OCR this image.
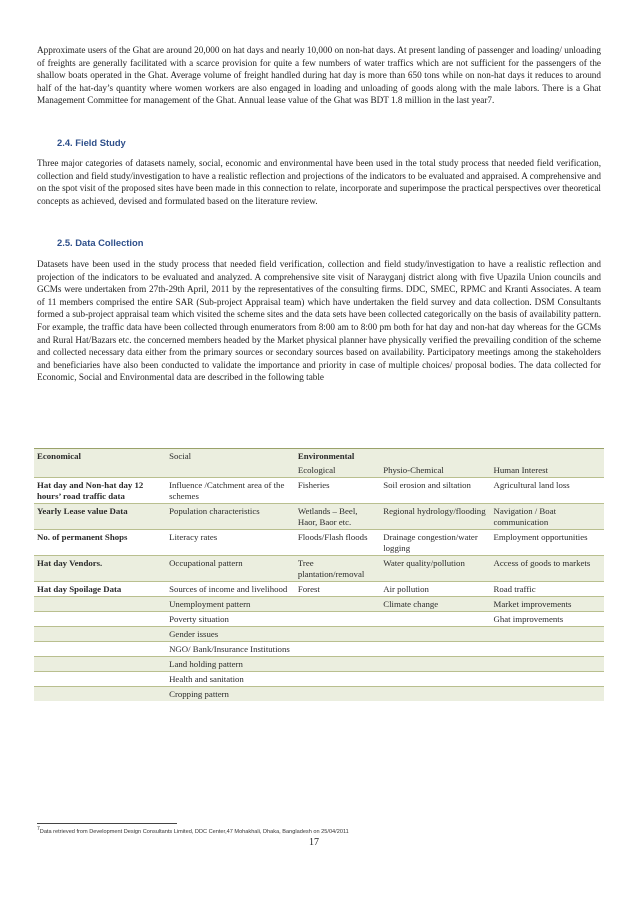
Approximate users of the Ghat are around 20,000 on hat days and nearly 10,000 on non-hat days. At present landing of passenger and loading/ unloading of freights are generally facilitated with a scarce provision for quite a few numbers of water traffics which are not sufficient for the passengers of the shallow boats operated in the Ghat. Average volume of freight handled during hat day is more than 650 tons while on non-hat days it reduces to around half of the hat-day’s quantity where women workers are also engaged in loading and unloading of goods along with the male labors. There is a Ghat Management Committee for management of the Ghat. Annual lease value of the Ghat was BDT 1.8 million in the last year7.

2.4. Field Study

Three major categories of datasets namely, social, economic and environmental have been used in the total study process that needed field verification, collection and field study/investigation to have a realistic reflection and projections of the indicators to be evaluated and appraised. A comprehensive and on the spot visit of the proposed sites have been made in this connection to relate, incorporate and superimpose the practical perspectives over theoretical concepts as achieved, devised and formulated based on the literature review.

2.5. Data Collection

Datasets have been used in the study process that needed field verification, collection and field study/investigation to have a realistic reflection and projection of the indicators to be evaluated and analyzed. A comprehensive site visit of Narayganj district along with five Upazila Union councils and GCMs were undertaken from 27th-29th April, 2011 by the representatives of the consulting firms. DDC, SMEC, RPMC and Kranti Associates. A team of 11 members comprised the entire SAR (Sub-project Appraisal team) which have undertaken the field survey and data collection. DSM Consultants formed a sub-project appraisal team which visited the scheme sites and the data sets have been collected categorically on the basis of availability pattern. For example, the traffic data have been collected through enumerators from 8:00 am to 8:00 pm both for hat day and non-hat day whereas for the GCMs and Rural Hat/Bazars etc. the concerned members headed by the Market physical planner have physically verified the prevailing condition of the scheme and collected necessary data either from the primary sources or secondary sources based on availability. Participatory meetings among the stakeholders and beneficiaries have also been conducted to validate the importance and priority in case of multiple choices/ proposal bodies. The data collected for Economic, Social and Environmental data are described in the following table

Economical	Social	Environmental		
		Ecological	Physio-Chemical	Human Interest
Hat day and Non-hat day 12 hours’ road traffic data	Influence /Catchment area of the schemes	Fisheries	Soil erosion and siltation	Agricultural land loss
Yearly Lease value Data	Population characteristics	Wetlands – Beel, Haor, Baor etc.	Regional hydrology/flooding	Navigation / Boat communication
No. of permanent Shops	Literacy rates	Floods/Flash floods	Drainage congestion/water logging	Employment opportunities
Hat day Vendors.	Occupational pattern	Tree plantation/removal	Water quality/pollution	Access of goods to markets
Hat day Spoilage Data	Sources of income and livelihood	Forest	Air pollution	Road traffic
	Unemployment pattern		Climate change	Market improvements
	Poverty situation			Ghat improvements
	Gender issues			
	NGO/ Bank/Insurance Institutions			
	Land holding pattern			
	Health and sanitation			
	Cropping pattern			
$^7$Data retrieved from Development Design Consultants Limited, DDC Center,47 Mohakhali, Dhaka, Bangladesh on 25/04/2011
17
